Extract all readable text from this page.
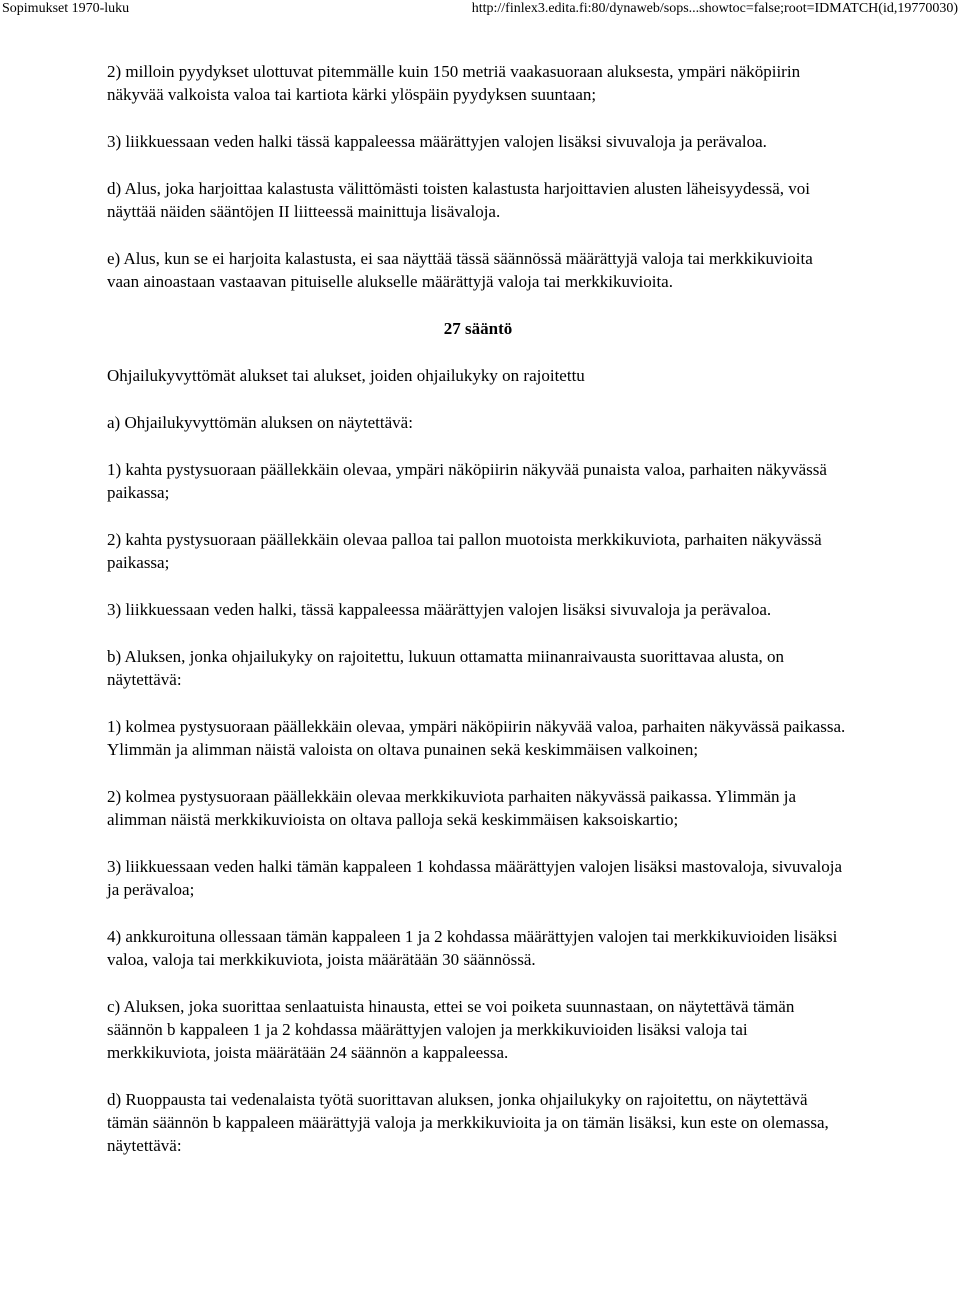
Sopimukset 1970-luku	http://finlex3.edita.fi:80/dynaweb/sops...showtoc=false;root=IDMATCH(id,19770030)

2) milloin pyydykset ulottuvat pitemmälle kuin 150 metriä vaakasuoraan aluksesta, ympäri näköpiirin näkyvää valkoista valoa tai kartiota kärki ylöspäin pyydyksen suuntaan;

3) liikkuessaan veden halki tässä kappaleessa määrättyjen valojen lisäksi sivuvaloja ja perävaloa.

d) Alus, joka harjoittaa kalastusta välittömästi toisten kalastusta harjoittavien alusten läheisyydessä, voi näyttää näiden sääntöjen II liitteessä mainittuja lisävaloja.

e) Alus, kun se ei harjoita kalastusta, ei saa näyttää tässä säännössä määrättyjä valoja tai merkkikuvioita vaan ainoastaan vastaavan pituiselle alukselle määrättyjä valoja tai merkkikuvioita.

27 sääntö

Ohjailukyvyttömät alukset tai alukset, joiden ohjailukyky on rajoitettu

a) Ohjailukyvyttömän aluksen on näytettävä:

1) kahta pystysuoraan päällekkäin olevaa, ympäri näköpiirin näkyvää punaista valoa, parhaiten näkyvässä paikassa;

2) kahta pystysuoraan päällekkäin olevaa palloa tai pallon muotoista merkkikuviota, parhaiten näkyvässä paikassa;

3) liikkuessaan veden halki, tässä kappaleessa määrättyjen valojen lisäksi sivuvaloja ja perävaloa.

b) Aluksen, jonka ohjailukyky on rajoitettu, lukuun ottamatta miinanraivausta suorittavaa alusta, on näytettävä:

1) kolmea pystysuoraan päällekkäin olevaa, ympäri näköpiirin näkyvää valoa, parhaiten näkyvässä paikassa. Ylimmän ja alimman näistä valoista on oltava punainen sekä keskimmäisen valkoinen;

2) kolmea pystysuoraan päällekkäin olevaa merkkikuviota parhaiten näkyvässä paikassa. Ylimmän ja alimman näistä merkkikuvioista on oltava palloja sekä keskimmäisen kaksoiskartio;

3) liikkuessaan veden halki tämän kappaleen 1 kohdassa määrättyjen valojen lisäksi mastovaloja, sivuvaloja ja perävaloa;

4) ankkuroituna ollessaan tämän kappaleen 1 ja 2 kohdassa määrättyjen valojen tai merkkikuvioiden lisäksi valoa, valoja tai merkkikuviota, joista määrätään 30 säännössä.

c) Aluksen, joka suorittaa senlaatuista hinausta, ettei se voi poiketa suunnastaan, on näytettävä tämän säännön b kappaleen 1 ja 2 kohdassa määrättyjen valojen ja merkkikuvioiden lisäksi valoja tai merkkikuviota, joista määrätään 24 säännön a kappaleessa.

d) Ruoppausta tai vedenalaista työtä suorittavan aluksen, jonka ohjailukyky on rajoitettu, on näytettävä tämän säännön b kappaleen määrättyjä valoja ja merkkikuvioita ja on tämän lisäksi, kun este on olemassa, näytettävä:
